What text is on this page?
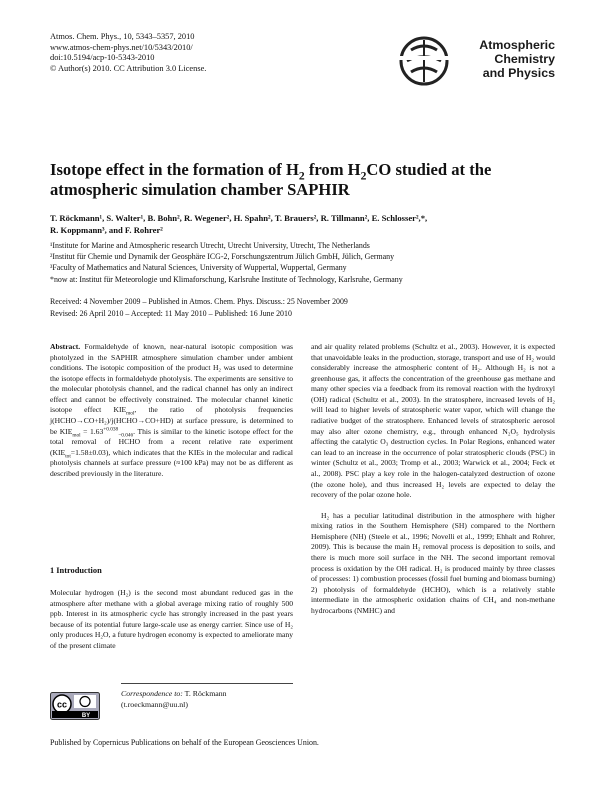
Atmos. Chem. Phys., 10, 5343–5357, 2010
www.atmos-chem-phys.net/10/5343/2010/
doi:10.5194/acp-10-5343-2010
© Author(s) 2010. CC Attribution 3.0 License.
Atmospheric
Chemistry
and Physics
Isotope effect in the formation of $H_2$ from $H_2CO$ studied at the atmospheric simulation chamber SAPHIR
T. Röckmann¹, S. Walter¹, B. Bohn², R. Wegener², H. Spahn², T. Brauers², R. Tillmann², E. Schlosser²,*,
R. Koppmann³, and F. Rohrer²
¹Institute for Marine and Atmospheric research Utrecht, Utrecht University, Utrecht, The Netherlands
²Institut für Chemie und Dynamik der Geosphäre ICG-2, Forschungszentrum Jülich GmbH, Jülich, Germany
³Faculty of Mathematics and Natural Sciences, University of Wuppertal, Wuppertal, Germany
*now at: Institut für Meteorologie und Klimaforschung, Karlsruhe Institute of Technology, Karlsruhe, Germany
Received: 4 November 2009 – Published in Atmos. Chem. Phys. Discuss.: 25 November 2009
Revised: 26 April 2010 – Accepted: 11 May 2010 – Published: 16 June 2010

Abstract. Formaldehyde of known, near-natural isotopic composition was photolyzed in the SAPHIR atmosphere simulation chamber under ambient conditions. The isotopic composition of the product H₂ was used to determine the isotope effects in formaldehyde photolysis. The experiments are sensitive to the molecular photolysis channel, and the radical channel has only an indirect effect and cannot be effectively constrained. The molecular channel kinetic isotope effect $KIE_{mol}$, the ratio of photolysis frequencies j(HCHO→CO+H₂)/j(HCHO→CO+HD) at surface pressure, is determined to be $KIE_{mol} = 1.63^{+0.038}_{-0.046}$. This is similar to the kinetic isotope effect for the total removal of HCHO from a recent relative rate experiment $(KIE_{tot}=1.58\pm 0.03)$, which indicates that the KIEs in the molecular and radical photolysis channels at surface pressure (≈100 kPa) may not be as different as described previously in the literature.

1 Introduction

Molecular hydrogen (H₂) is the second most abundant reduced gas in the atmosphere after methane with a global average mixing ratio of roughly 500 ppb. Interest in its atmospheric cycle has strongly increased in the past years because of its potential future large-scale use as energy carrier. Since use of H₂ only produces H₂O, a future hydrogen economy is expected to ameliorate many of the present climate

and air quality related problems (Schultz et al., 2003). However, it is expected that unavoidable leaks in the production, storage, transport and use of H₂ would considerably increase the atmospheric content of H₂. Although H₂ is not a greenhouse gas, it affects the concentration of the greenhouse gas methane and many other species via a feedback from its removal reaction with the hydroxyl (OH) radical (Schultz et al., 2003). In the stratosphere, increased levels of H₂ will lead to higher levels of stratospheric water vapor, which will change the radiative budget of the stratosphere. Enhanced levels of stratospheric aerosol may also alter ozone chemistry, e.g., through enhanced N₂O₅ hydrolysis affecting the catalytic O₃ destruction cycles. In Polar Regions, enhanced water can lead to an increase in the occurrence of polar stratospheric clouds (PSC) in winter (Schultz et al., 2003; Tromp et al., 2003; Warwick et al., 2004; Feck et al., 2008). PSC play a key role in the halogen-catalyzed destruction of ozone (the ozone hole), and thus increased H₂ levels are expected to delay the recovery of the polar ozone hole.

H₂ has a peculiar latitudinal distribution in the atmosphere with higher mixing ratios in the Southern Hemisphere (SH) compared to the Northern Hemisphere (NH) (Steele et al., 1996; Novelli et al., 1999; Ehhalt and Rohrer, 2009). This is because the main H₂ removal process is deposition to soils, and there is much more soil surface in the NH. The second important removal process is oxidation by the OH radical. H₂ is produced mainly by three classes of processes: 1) combustion processes (fossil fuel burning and biomass burning) 2) photolysis of formaldehyde (HCHO), which is a relatively stable intermediate in the atmospheric oxidation chains of CH₄ and non-methane hydrocarbons (NMHC) and

cc
BY
Correspondence to: T. Röckmann
(t.roeckmann@uu.nl)
Published by Copernicus Publications on behalf of the European Geosciences Union.
